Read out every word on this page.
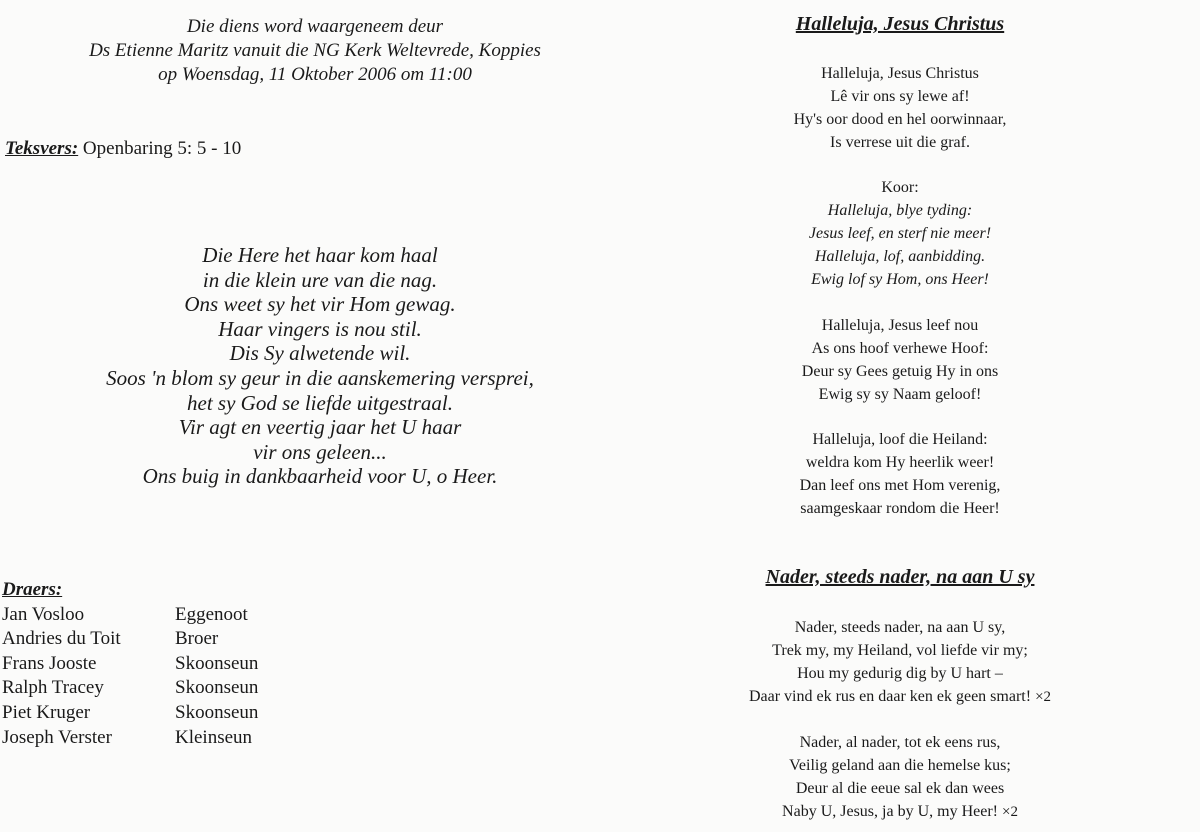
Die diens word waargeneem deur
Ds Etienne Maritz vanuit die NG Kerk Weltevrede, Koppies
op Woensdag, 11 Oktober 2006 om 11:00
Teksvers: Openbaring 5: 5 - 10
Die Here het haar kom haal
in die klein ure van die nag.
Ons weet sy het vir Hom gewag.
Haar vingers is nou stil.
Dis Sy alwetende wil.
Soos 'n blom sy geur in die aanskemering versprei,
het sy God se liefde uitgestraal.
Vir agt en veertig jaar het U haar
vir ons geleen...
Ons buig in dankbaarheid voor U, o Heer.
Draers:
Jan Vosloo	Eggenoot
Andries du Toit	Broer
Frans Jooste	Skoonseun
Ralph Tracey	Skoonseun
Piet Kruger	Skoonseun
Joseph Verster	Kleinseun
Halleluja, Jesus Christus
Halleluja, Jesus Christus
Lê vir ons sy lewe af!
Hy's oor dood en hel oorwinnaar,
Is verrese uit die graf.
Koor:
Halleluja, blye tyding:
Jesus leef, en sterf nie meer!
Halleluja, lof, aanbidding.
Ewig lof sy Hom, ons Heer!
Halleluja, Jesus leef nou
As ons hoof verhewe Hoof:
Deur sy Gees getuig Hy in ons
Ewig sy sy Naam geloof!
Halleluja, loof die Heiland:
weldra kom Hy heerlik weer!
Dan leef ons met Hom verenig,
saamgeskaar rondom die Heer!
Nader, steeds nader, na aan U sy
Nader, steeds nader, na aan U sy,
Trek my, my Heiland, vol liefde vir my;
Hou my gedurig dig by U hart –
Daar vind ek rus en daar ken ek geen smart! ×2
Nader, al nader, tot ek eens rus,
Veilig geland aan die hemelse kus;
Deur al die eeue sal ek dan wees
Naby U, Jesus, ja by U, my Heer! ×2
